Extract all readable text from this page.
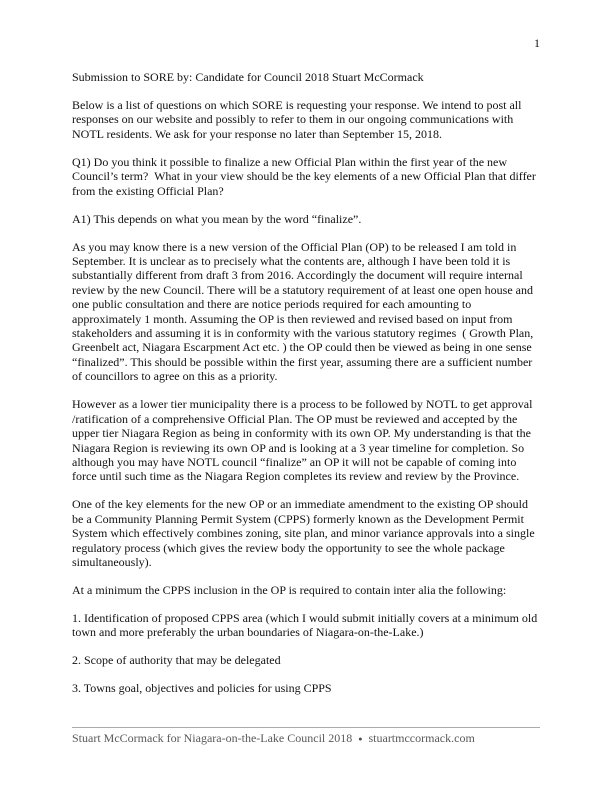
1

Submission to SORE by: Candidate for Council 2018 Stuart McCormack

Below is a list of questions on which SORE is requesting your response. We intend to post all responses on our website and possibly to refer to them in our ongoing communications with NOTL residents. We ask for your response no later than September 15, 2018.

Q1) Do you think it possible to finalize a new Official Plan within the first year of the new Council’s term?  What in your view should be the key elements of a new Official Plan that differ from the existing Official Plan?

A1) This depends on what you mean by the word “finalize”.

As you may know there is a new version of the Official Plan (OP) to be released I am told in September. It is unclear as to precisely what the contents are, although I have been told it is substantially different from draft 3 from 2016. Accordingly the document will require internal review by the new Council. There will be a statutory requirement of at least one open house and one public consultation and there are notice periods required for each amounting to approximately 1 month. Assuming the OP is then reviewed and revised based on input from stakeholders and assuming it is in conformity with the various statutory regimes  ( Growth Plan, Greenbelt act, Niagara Escarpment Act etc. ) the OP could then be viewed as being in one sense “finalized”. This should be possible within the first year, assuming there are a sufficient number of councillors to agree on this as a priority.

However as a lower tier municipality there is a process to be followed by NOTL to get approval /ratification of a comprehensive Official Plan. The OP must be reviewed and accepted by the upper tier Niagara Region as being in conformity with its own OP. My understanding is that the Niagara Region is reviewing its own OP and is looking at a 3 year timeline for completion. So although you may have NOTL council “finalize” an OP it will not be capable of coming into force until such time as the Niagara Region completes its review and review by the Province.

One of the key elements for the new OP or an immediate amendment to the existing OP should be a Community Planning Permit System (CPPS) formerly known as the Development Permit System which effectively combines zoning, site plan, and minor variance approvals into a single regulatory process (which gives the review body the opportunity to see the whole package simultaneously).

At a minimum the CPPS inclusion in the OP is required to contain inter alia the following:

1. Identification of proposed CPPS area (which I would submit initially covers at a minimum old town and more preferably the urban boundaries of Niagara-on-the-Lake.)

2. Scope of authority that may be delegated

3. Towns goal, objectives and policies for using CPPS

Stuart McCormack for Niagara-on-the-Lake Council 2018 ● stuartmccormack.com
